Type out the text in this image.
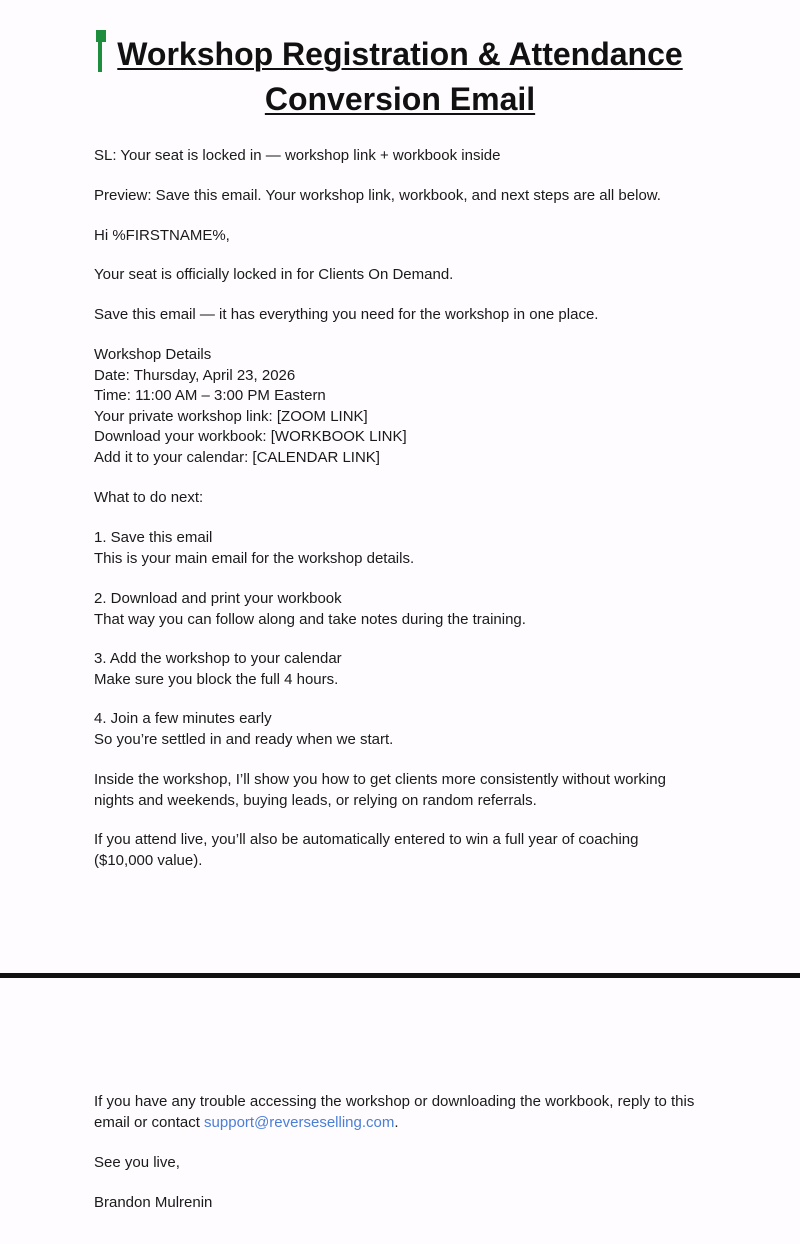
Workshop Registration & Attendance
Conversion Email

SL: Your seat is locked in — workshop link + workbook inside

Preview: Save this email. Your workshop link, workbook, and next steps are all below.

Hi %FIRSTNAME%,

Your seat is officially locked in for Clients On Demand.

Save this email — it has everything you need for the workshop in one place.

Workshop Details

Date: Thursday, April 23, 2026

Time: 11:00 AM – 3:00 PM Eastern

Your private workshop link: [ZOOM LINK]

Download your workbook: [WORKBOOK LINK]

Add it to your calendar: [CALENDAR LINK]

What to do next:

1. Save this email

This is your main email for the workshop details.

2. Download and print your workbook

That way you can follow along and take notes during the training.

3. Add the workshop to your calendar

Make sure you block the full 4 hours.

4. Join a few minutes early

So you’re settled in and ready when we start.

Inside the workshop, I’ll show you how to get clients more consistently without working nights and weekends, buying leads, or relying on random referrals.

If you attend live, you’ll also be automatically entered to win a full year of coaching ($10,000 value).

If you have any trouble accessing the workshop or downloading the workbook, reply to this email or contact support@reverseselling.com.

See you live,

Brandon Mulrenin
